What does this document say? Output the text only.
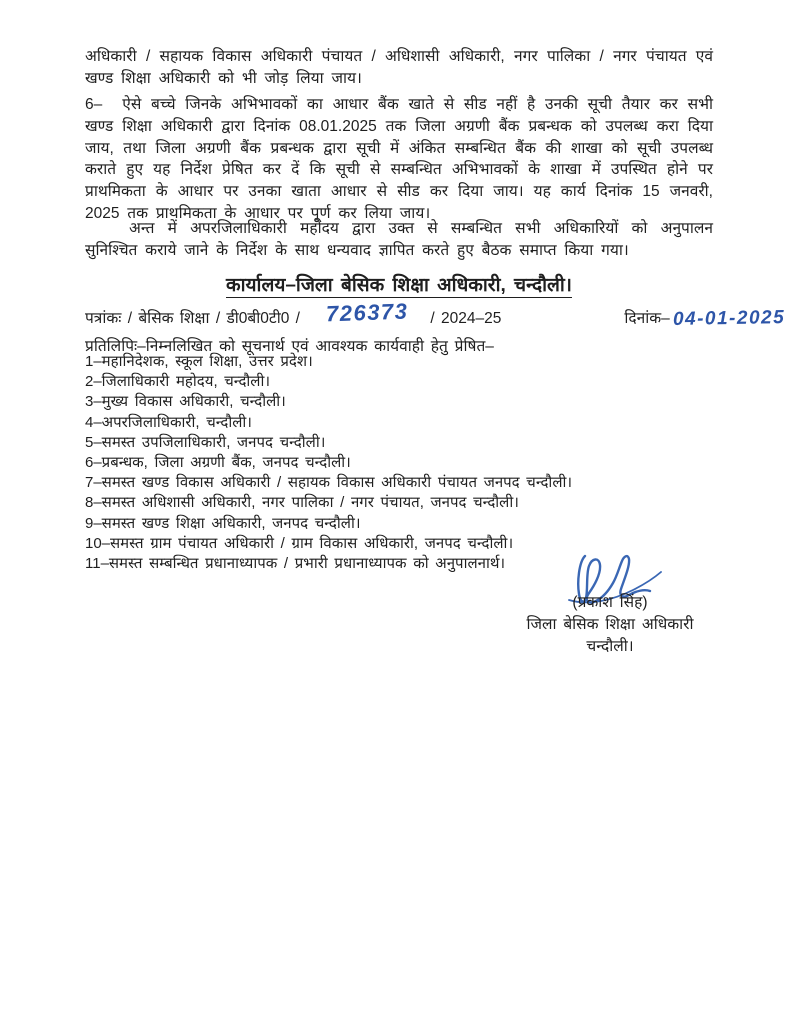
अधिकारी / सहायक विकास अधिकारी पंचायत / अधिशासी अधिकारी, नगर पालिका / नगर पंचायत एवं खण्ड शिक्षा अधिकारी को भी जोड़ लिया जाय।
6– ऐसे बच्चे जिनके अभिभावकों का आधार बैंक खाते से सीड नहीं है उनकी सूची तैयार कर सभी खण्ड शिक्षा अधिकारी द्वारा दिनांक 08.01.2025 तक जिला अग्रणी बैंक प्रबन्धक को उपलब्ध करा दिया जाय, तथा जिला अग्रणी बैंक प्रबन्धक द्वारा सूची में अंकित सम्बन्धित बैंक की शाखा को सूची उपलब्ध कराते हुए यह निर्देश प्रेषित कर दें कि सूची से सम्बन्धित अभिभावकों के शाखा में उपस्थित होने पर प्राथमिकता के आधार पर उनका खाता आधार से सीड कर दिया जाय। यह कार्य दिनांक 15 जनवरी, 2025 तक प्राथमिकता के आधार पर पूर्ण कर लिया जाय।
अन्त में अपरजिलाधिकारी महोदय द्वारा उक्त से सम्बन्धित सभी अधिकारियों को अनुपालन सुनिश्चित कराये जाने के निर्देश के साथ धन्यवाद ज्ञापित करते हुए बैठक समाप्त किया गया।
कार्यालय–जिला बेसिक शिक्षा अधिकारी, चन्दौली।
पत्रांकः / बेसिक शिक्षा / डी0बी0टी0 / 726373 / 2024–25	दिनांक– 04-01-2025
प्रतिलिपिः–निम्नलिखित को सूचनार्थ एवं आवश्यक कार्यवाही हेतु प्रेषित–
1–महानिदेशक, स्कूल शिक्षा, उत्तर प्रदेश।
2–जिलाधिकारी महोदय, चन्दौली।
3–मुख्य विकास अधिकारी, चन्दौली।
4–अपरजिलाधिकारी, चन्दौली।
5–समस्त उपजिलाधिकारी, जनपद चन्दौली।
6–प्रबन्धक, जिला अग्रणी बैंक, जनपद चन्दौली।
7–समस्त खण्ड विकास अधिकारी / सहायक विकास अधिकारी पंचायत जनपद चन्दौली।
8–समस्त अधिशासी अधिकारी, नगर पालिका / नगर पंचायत, जनपद चन्दौली।
9–समस्त खण्ड शिक्षा अधिकारी, जनपद चन्दौली।
10–समस्त ग्राम पंचायत अधिकारी / ग्राम विकास अधिकारी, जनपद चन्दौली।
11–समस्त सम्बन्धित प्रधानाध्यापक / प्रभारी प्रधानाध्यापक को अनुपालनार्थ।
(प्रकाश सिंह)
जिला बेसिक शिक्षा अधिकारी
चन्दौली।
